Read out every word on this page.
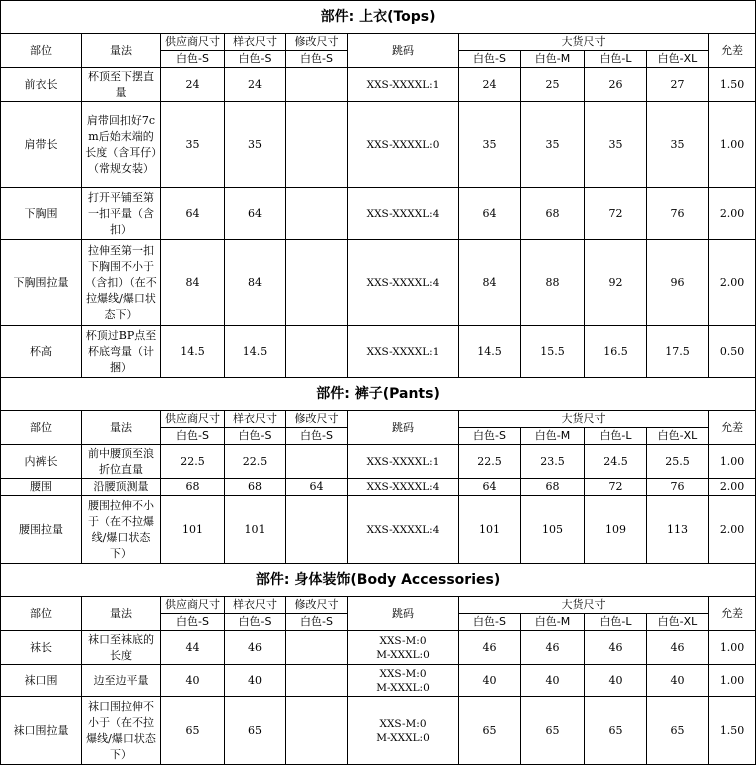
部件: 上衣(Tops)										
部位	量法	供应商尺寸	样衣尺寸	修改尺寸	跳码	大货尺寸				允差
		白色-S	白色-S	白色-S		白色-S	白色-M	白色-L	白色-XL	
前衣长	杯顶至下摆直量	24	24		XXS-XXXXL:1	24	25	26	27	1.50
肩带长	肩带回扣好7cm后始末端的长度（含耳仔）（常规女装）	35	35		XXS-XXXXL:0	35	35	35	35	1.00
下胸围	打开平铺至第一扣平量（含扣）	64	64		XXS-XXXXL:4	64	68	72	76	2.00
下胸围拉量	拉伸至第一扣下胸围不小于（含扣）（在不拉爆线/爆口状态下）	84	84		XXS-XXXXL:4	84	88	92	96	2.00
杯高	杯顶过BP点至杯底弯量（计捆）	14.5	14.5		XXS-XXXXL:1	14.5	15.5	16.5	17.5	0.50
部件: 裤子(Pants)										
部位	量法	供应商尺寸	样衣尺寸	修改尺寸	跳码	大货尺寸				允差
		白色-S	白色-S	白色-S		白色-S	白色-M	白色-L	白色-XL	
内裤长	前中腰顶至浪折位直量	22.5	22.5		XXS-XXXXL:1	22.5	23.5	24.5	25.5	1.00
腰围	沿腰顶测量	68	68	64	XXS-XXXXL:4	64	68	72	76	2.00
腰围拉量	腰围拉伸不小于（在不拉爆线/爆口状态下）	101	101		XXS-XXXXL:4	101	105	109	113	2.00
部件: 身体装饰(Body Accessories)										
部位	量法	供应商尺寸	样衣尺寸	修改尺寸	跳码	大货尺寸				允差
		白色-S	白色-S	白色-S		白色-S	白色-M	白色-L	白色-XL	
袜长	袜口至袜底的长度	44	46		XXS-M:0
M-XXXL:0	46	46	46	46	1.00
袜口围	边至边平量	40	40		XXS-M:0
M-XXXL:0	40	40	40	40	1.00
袜口围拉量	袜口围拉伸不小于（在不拉爆线/爆口状态下）	65	65		XXS-M:0
M-XXXL:0	65	65	65	65	1.50
